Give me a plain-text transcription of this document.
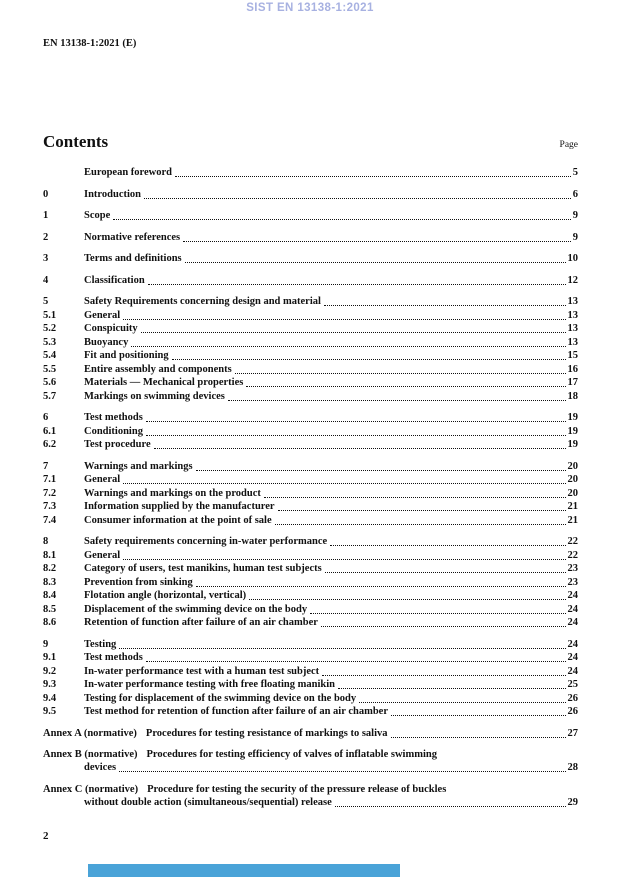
SIST EN 13138-1:2021
EN 13138-1:2021 (E)
Contents	Page
European foreword	5
0	Introduction	6
1	Scope	9
2	Normative references	9
3	Terms and definitions	10
4	Classification	12
5	Safety Requirements concerning design and material	13
5.1	General	13
5.2	Conspicuity	13
5.3	Buoyancy	13
5.4	Fit and positioning	15
5.5	Entire assembly and components	16
5.6	Materials — Mechanical properties	17
5.7	Markings on swimming devices	18
6	Test methods	19
6.1	Conditioning	19
6.2	Test procedure	19
7	Warnings and markings	20
7.1	General	20
7.2	Warnings and markings on the product	20
7.3	Information supplied by the manufacturer	21
7.4	Consumer information at the point of sale	21
8	Safety requirements concerning in-water performance	22
8.1	General	22
8.2	Category of users, test manikins, human test subjects	23
8.3	Prevention from sinking	23
8.4	Flotation angle (horizontal, vertical)	24
8.5	Displacement of the swimming device on the body	24
8.6	Retention of function after failure of an air chamber	24
9	Testing	24
9.1	Test methods	24
9.2	In-water performance test with a human test subject	24
9.3	In-water performance testing with free floating manikin	25
9.4	Testing for displacement of the swimming device on the body	26
9.5	Test method for retention of function after failure of an air chamber	26
Annex A (normative) Procedures for testing resistance of markings to saliva	27
Annex B (normative) Procedures for testing efficiency of valves of inflatable swimming
devices	28
Annex C (normative) Procedure for testing the security of the pressure release of buckles
without double action (simultaneous/sequential) release	29
2
